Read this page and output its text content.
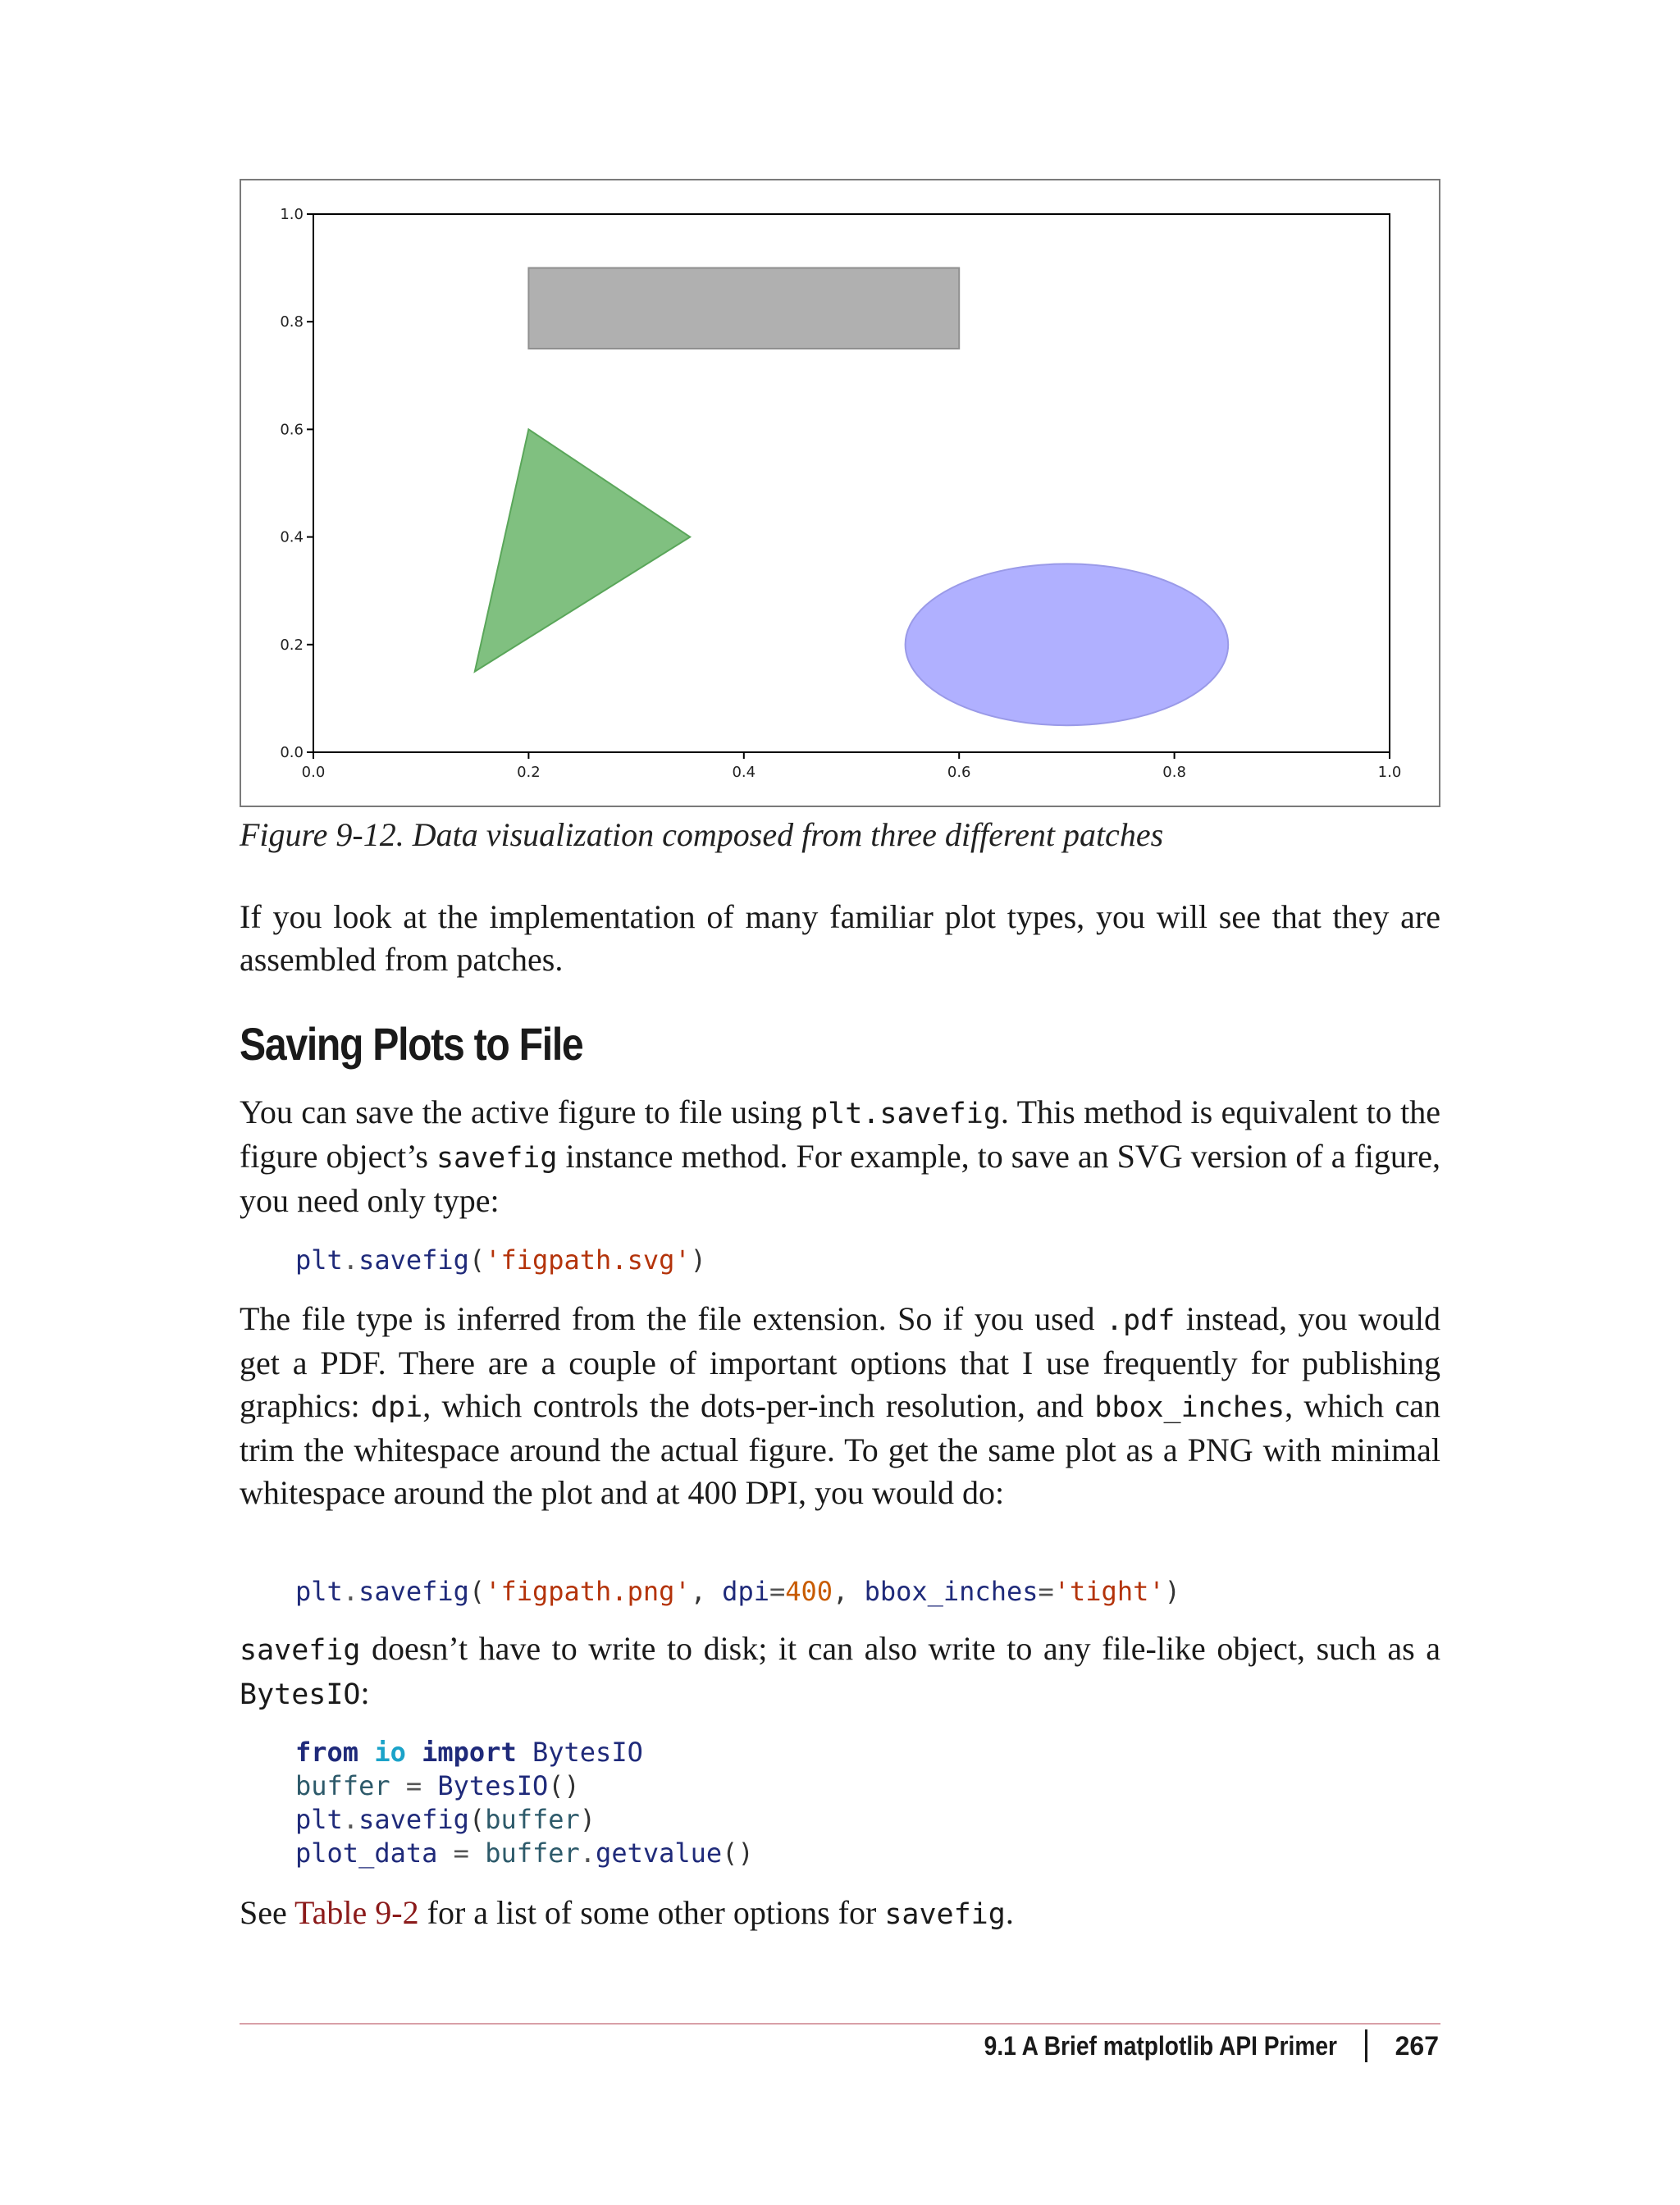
0.0	0.2	0.4	0.6	0.8	1.0
0.0
0.2
0.4
0.6
0.8
1.0
Figure 9-12. Data visualization composed from three different patches

If you look at the implementation of many familiar plot types, you will see that they are assembled from patches.

Saving Plots to File

You can save the active figure to file using plt.savefig. This method is equivalent to the figure object’s savefig instance method. For example, to save an SVG version of a figure, you need only type:

plt.savefig('figpath.svg')

The file type is inferred from the file extension. So if you used .pdf instead, you would get a PDF. There are a couple of important options that I use frequently for publishing graphics: dpi, which controls the dots-per-inch resolution, and bbox_inches, which can trim the whitespace around the actual figure. To get the same plot as a PNG with minimal whitespace around the plot and at 400 DPI, you would do:

plt.savefig('figpath.png', dpi=400, bbox_inches='tight')

savefig doesn’t have to write to disk; it can also write to any file-like object, such as a BytesIO:

from io import BytesIO
buffer = BytesIO()
plt.savefig(buffer)
plot_data = buffer.getvalue()

See Table 9-2 for a list of some other options for savefig.

9.1 A Brief matplotlib API Primer 267
